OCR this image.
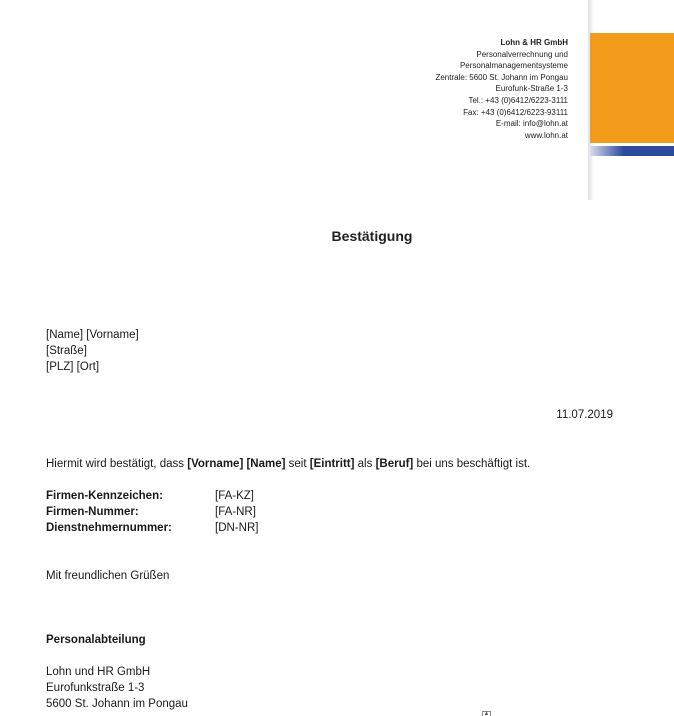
Lohn & HR GmbH
Personalverrechnung und
Personalmanagementsysteme
Zentrale: 5600 St. Johann im Pongau
Eurofunk-Straße 1-3
Tel.: +43 (0)6412/6223-3111
Fax: +43 (0)6412/6223-93111
E-mail: info@lohn.at
www.lohn.at
Bestätigung
[Name] [Vorname]
[Straße]
[PLZ] [Ort]
11.07.2019
Hiermit wird bestätigt, dass [Vorname] [Name] seit [Eintritt] als [Beruf] bei uns beschäftigt ist.
Firmen-Kennzeichen:	[FA-KZ]
Firmen-Nummer:	[FA-NR]
Dienstnehmernummer:	[DN-NR]
Mit freundlichen Grüßen
Personalabteilung
Lohn und HR GmbH
Eurofunkstraße 1-3
5600 St. Johann im Pongau
▲
